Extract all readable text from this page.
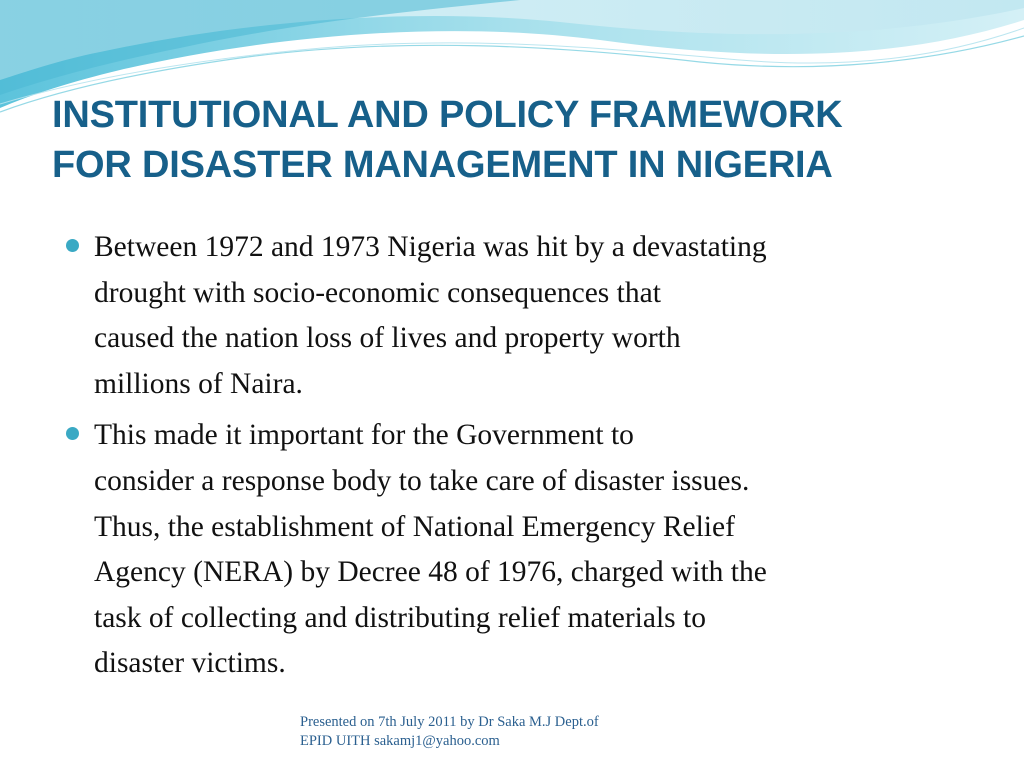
INSTITUTIONAL AND POLICY FRAMEWORK
FOR DISASTER MANAGEMENT IN NIGERIA
Between 1972 and 1973 Nigeria was hit by a devastating
drought with socio-economic consequences that
caused the nation loss of lives and property worth
millions of Naira.
This made it important for the Government to
consider a response body to take care of disaster issues.
Thus, the establishment of National Emergency Relief
Agency (NERA) by Decree 48 of 1976, charged with the
task of collecting and distributing relief materials to
disaster victims.
Presented on 7th July 2011 by Dr Saka M.J Dept.of
EPID UITH sakamj1@yahoo.com
